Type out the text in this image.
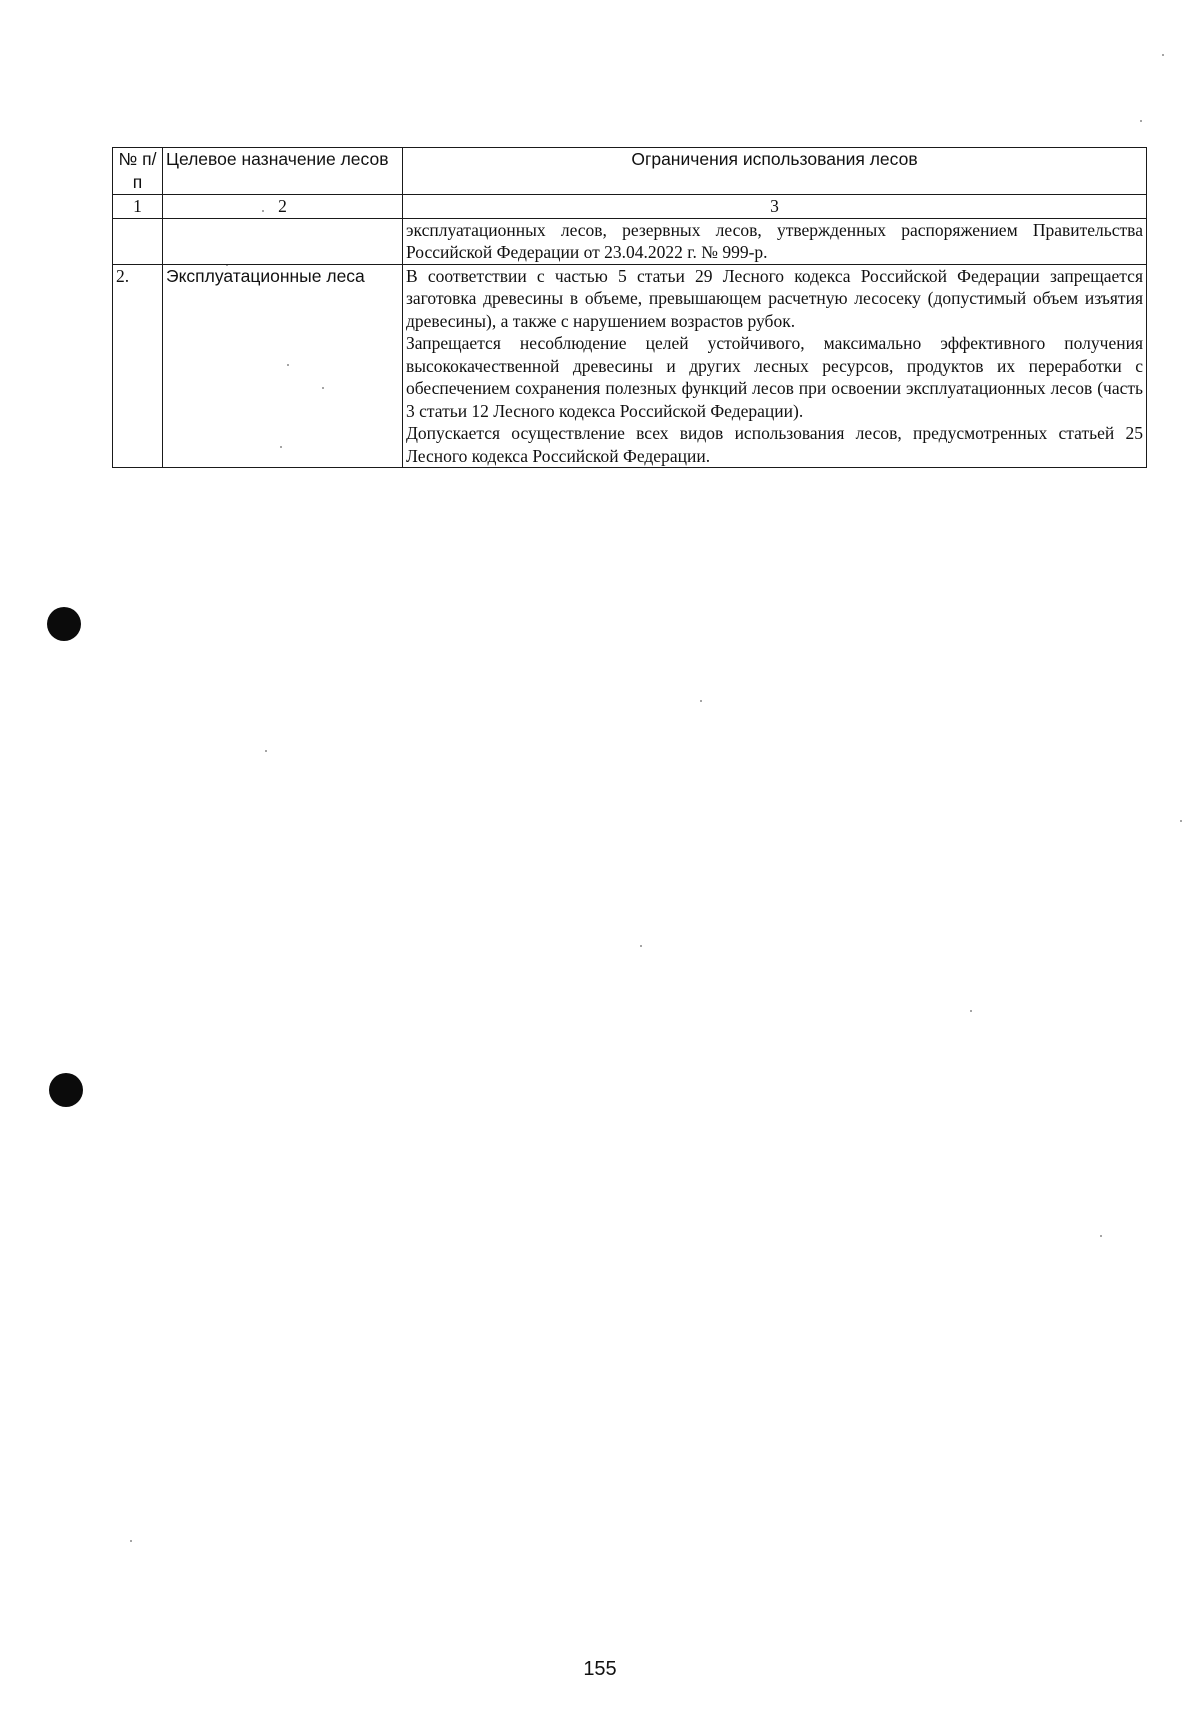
№ п/п	Целевое назначение лесов	Ограничения использования лесов
1	2	3

		эксплуатационных лесов, резервных лесов, утвержденных распоряжением Правительства Российской Федерации от 23.04.2022 г. № 999-р.

2.	Эксплуатационные леса	В соответствии с частью 5 статьи 29 Лесного кодекса Российской Федерации запрещается заготовка древесины в объеме, превышающем расчетную лесосеку (допустимый объем изъятия древесины), а также с нарушением возрастов рубок.
Запрещается несоблюдение целей устойчивого, максимально эффективного получения высококачественной древесины и других лесных ресурсов, продуктов их переработки с обеспечением сохранения полезных функций лесов при освоении эксплуатационных лесов (часть 3 статьи 12 Лесного кодекса Российской Федерации).
Допускается осуществление всех видов использования лесов, предусмотренных статьей 25 Лесного кодекса Российской Федерации.
155
